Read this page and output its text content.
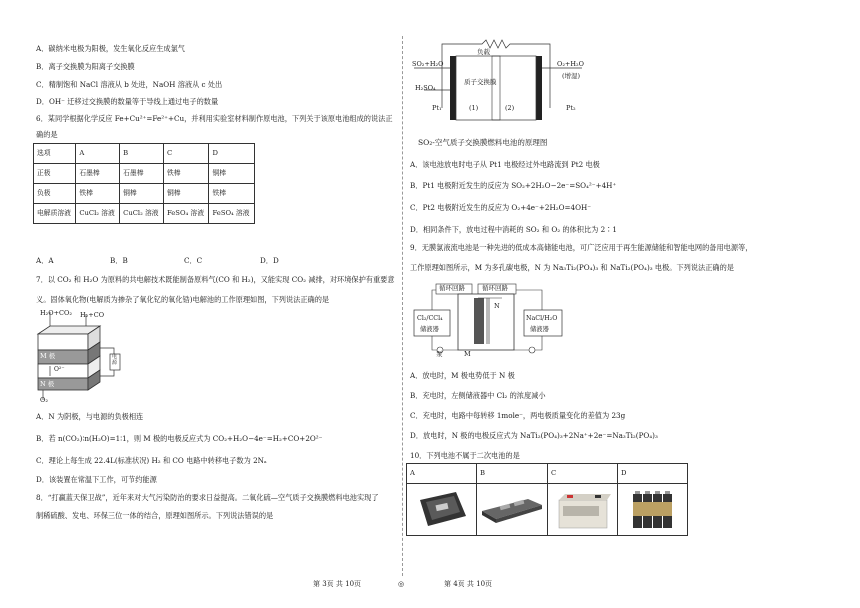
A．碳纳米电极为阳极，发生氧化反应生成氯气
B．离子交换膜为阳离子交换膜
C．精制饱和 NaCl 溶液从 b 处进，NaOH 溶液从 c 处出
D．OH⁻ 迁移过交换膜的数量等于导线上通过电子的数量
6．某同学根据化学反应 Fe+Cu²⁺=Fe²⁺+Cu，并利用实验室材料制作原电池，下列关于该原电池组成的说法正
确的是
选项	A	B	C	D
正极	石墨棒	石墨棒	铁棒	铜棒
负极	铁棒	铜棒	铜棒	铁棒
电解质溶液	CuCl₂ 溶液	CuCl₂ 溶液	FeSO₄ 溶液	FeSO₄ 溶液
A．A	B．B	C．C	D．D
7．以 CO₂ 和 H₂O 为原料的共电解技术既能制备原料气(CO 和 H₂)，又能实现 CO₂ 减排，对环境保护有重要意
义。固体氧化物(电解质为掺杂了氧化钇的氧化锆)电解池的工作原理如图，下列说法正确的是
H₂O+CO₂ H₂+CO
M 极
O²⁻
N 极
O₂
电源
A．N 为阴极，与电源的负极相连
B．若 n(CO₂)∶n(H₂O)=1∶1，则 M 极的电极反应式为 CO₂+H₂O−4e⁻=H₂+CO+2O²⁻
C．理论上每生成 22.4L(标准状况) H₂ 和 CO 电路中转移电子数为 2Nₐ
D．该装置在常温下工作，可节约能源
8．“打赢蓝天保卫战”，近年来对大气污染防治的要求日益提高。二氧化硫—空气质子交换膜燃料电池实现了
制稀硫酸、发电、环保三位一体的结合，原理如图所示。下列说法错误的是
负载
SO₂+H₂O
H₂SO₄
O₂+H₂O
(增湿)
质子交换膜
(1)	(2)
Pt₁	Pt₂
SO₂-空气质子交换膜燃料电池的原理图
A．该电池放电时电子从 Pt1 电极经过外电路流到 Pt2 电极
B．Pt1 电极附近发生的反应为 SO₂+2H₂O−2e⁻=SO₄²⁻+4H⁺
C．Pt2 电极附近发生的反应为 O₂+4e⁻+2H₂O=4OH⁻
D．相同条件下，放电过程中消耗的 SO₂ 和 O₂ 的体积比为 2∶1
9．无膜氯液流电池是一种先进的低成本高储能电池，可广泛应用于再生能源储能和智能电网的备用电源等，
工作原理如图所示，M 为多孔碳电极，N 为 Na₃Ti₂(PO₄)₃ 和 NaTi₂(PO₄)₃ 电极。下列说法正确的是
循环回路	循环回路
Cl₂/CCl₄
储液器
NaCl/H₂O
储液器
N
M
泵
A．放电时，M 极电势低于 N 极
B．充电时，左侧储液器中 Cl₂ 的浓度减小
C．充电时，电路中每转移 1mole⁻，两电极质量变化的差值为 23g
D．放电时，N 极的电极反应式为 NaTi₂(PO₄)₃+2Na⁺+2e⁻=Na₃Ti₂(PO₄)₃
10．下列电池不属于二次电池的是
A	B	C	D

第 3页 共 10页	◎	第 4页 共 10页
